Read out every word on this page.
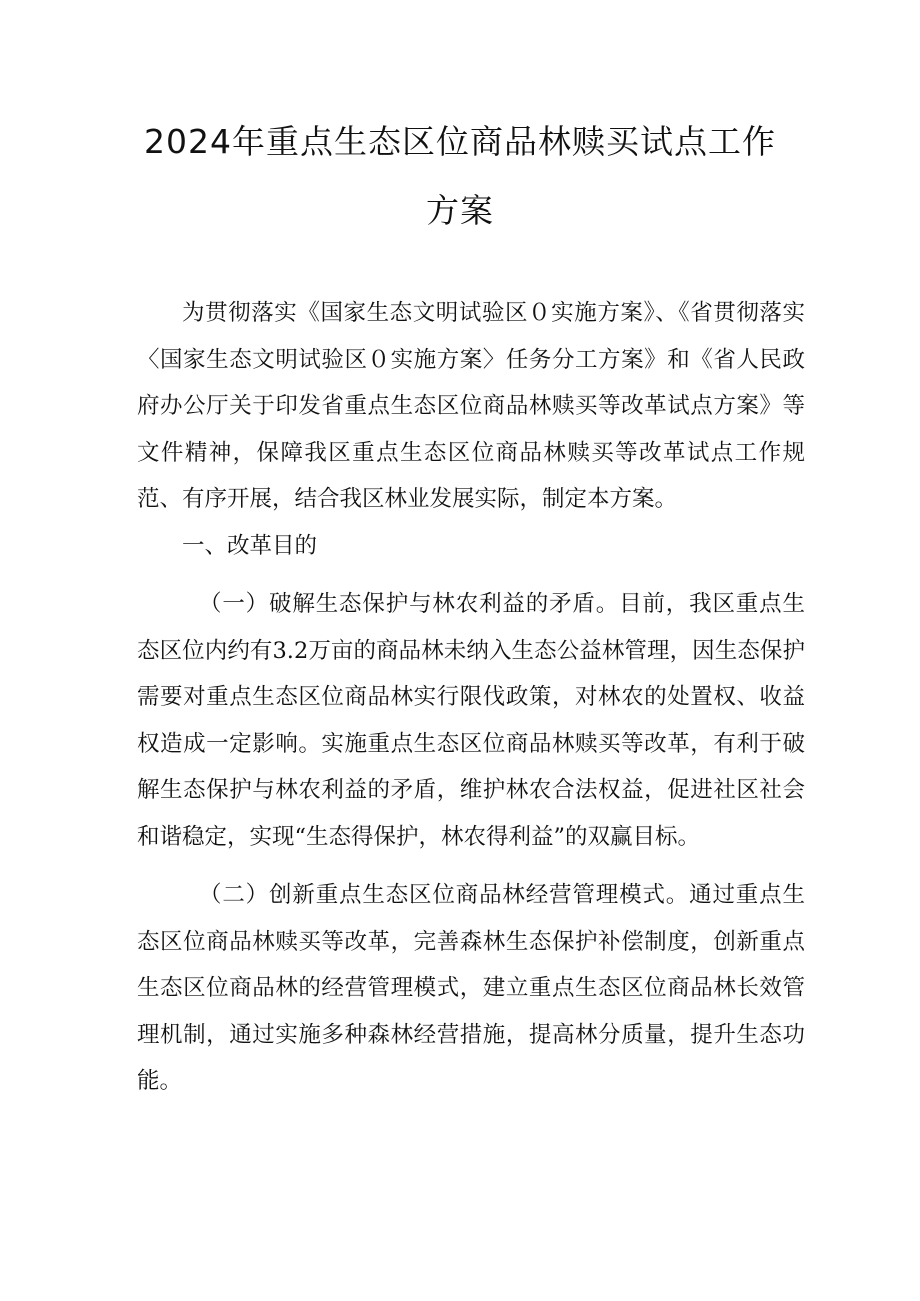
2024年重点生态区位商品林赎买试点工作
方案

为贯彻落实《国家生态文明试验区０实施方案》、《省贯彻落实〈国家生态文明试验区０实施方案〉任务分工方案》和《省人民政府办公厅关于印发省重点生态区位商品林赎买等改革试点方案》等文件精神，保障我区重点生态区位商品林赎买等改革试点工作规范、有序开展，结合我区林业发展实际，制定本方案。

一、改革目的

（一）破解生态保护与林农利益的矛盾。目前，我区重点生态区位内约有3.2万亩的商品林未纳入生态公益林管理，因生态保护需要对重点生态区位商品林实行限伐政策，对林农的处置权、收益权造成一定影响。实施重点生态区位商品林赎买等改革，有利于破解生态保护与林农利益的矛盾，维护林农合法权益，促进社区社会和谐稳定，实现“生态得保护，林农得利益”的双赢目标。

（二）创新重点生态区位商品林经营管理模式。通过重点生态区位商品林赎买等改革，完善森林生态保护补偿制度，创新重点生态区位商品林的经营管理模式，建立重点生态区位商品林长效管理机制，通过实施多种森林经营措施，提高林分质量，提升生态功能。
